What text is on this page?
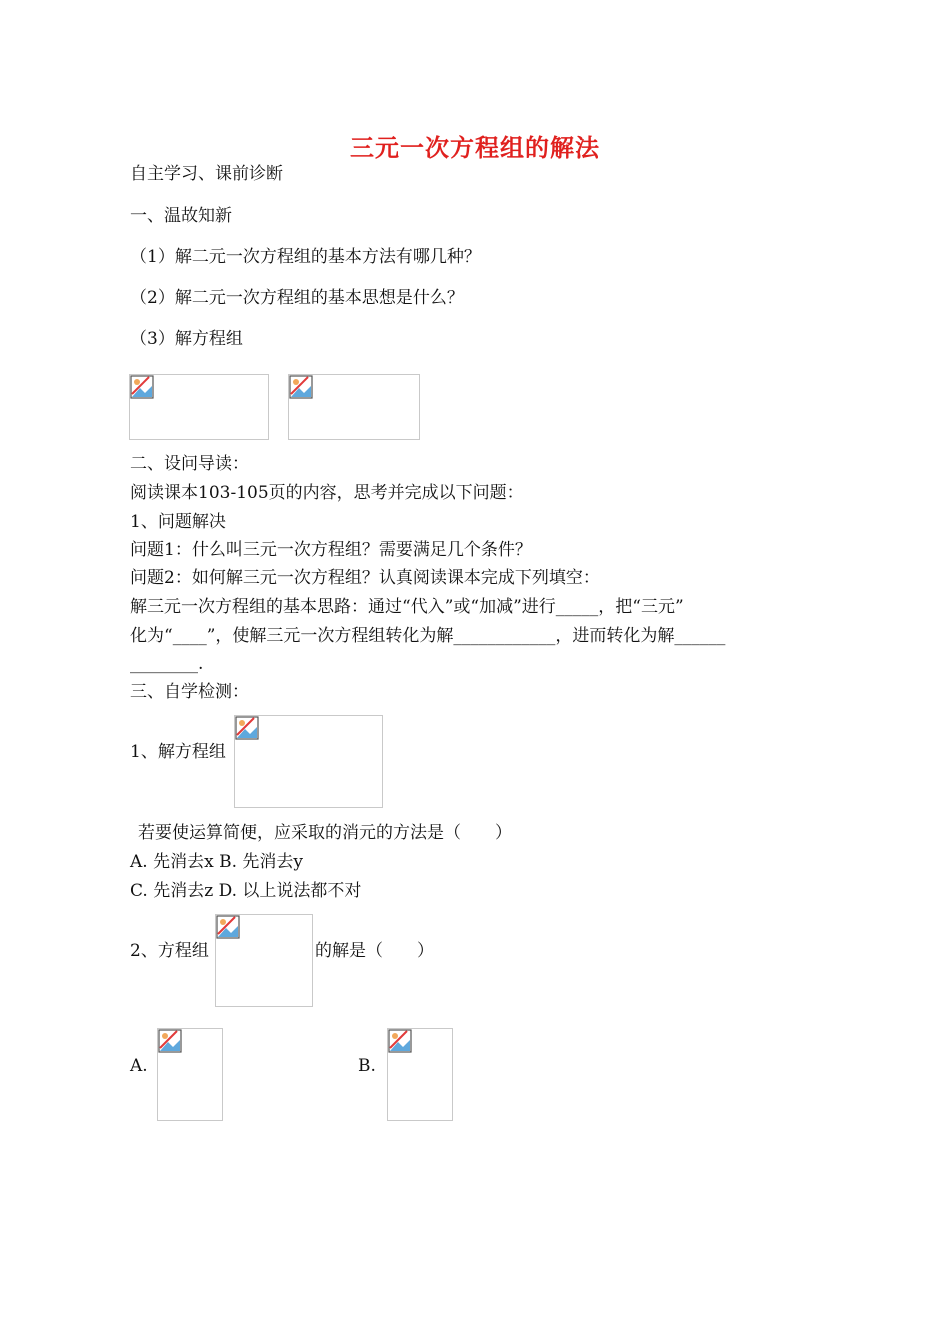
三元一次方程组的解法
自主学习、课前诊断
一、温故知新
（1）解二元一次方程组的基本方法有哪几种？
（2）解二元一次方程组的基本思想是什么？
（3）解方程组
二、设问导读：
阅读课本103-105页的内容，思考并完成以下问题：
1、问题解决
问题1：什么叫三元一次方程组？需要满足几个条件？
问题2：如何解三元一次方程组？认真阅读课本完成下列填空：
解三元一次方程组的基本思路：通过“代入”或“加减”进行_____，把“三元”
化为“____”，使解三元一次方程组转化为解____________，进而转化为解______
________.
三、自学检测：
1、解方程组
若要使运算简便，应采取的消元的方法是（　　）
A. 先消去x B. 先消去y
C. 先消去z D. 以上说法都不对
2、方程组	的解是（　　）
A.	B.
